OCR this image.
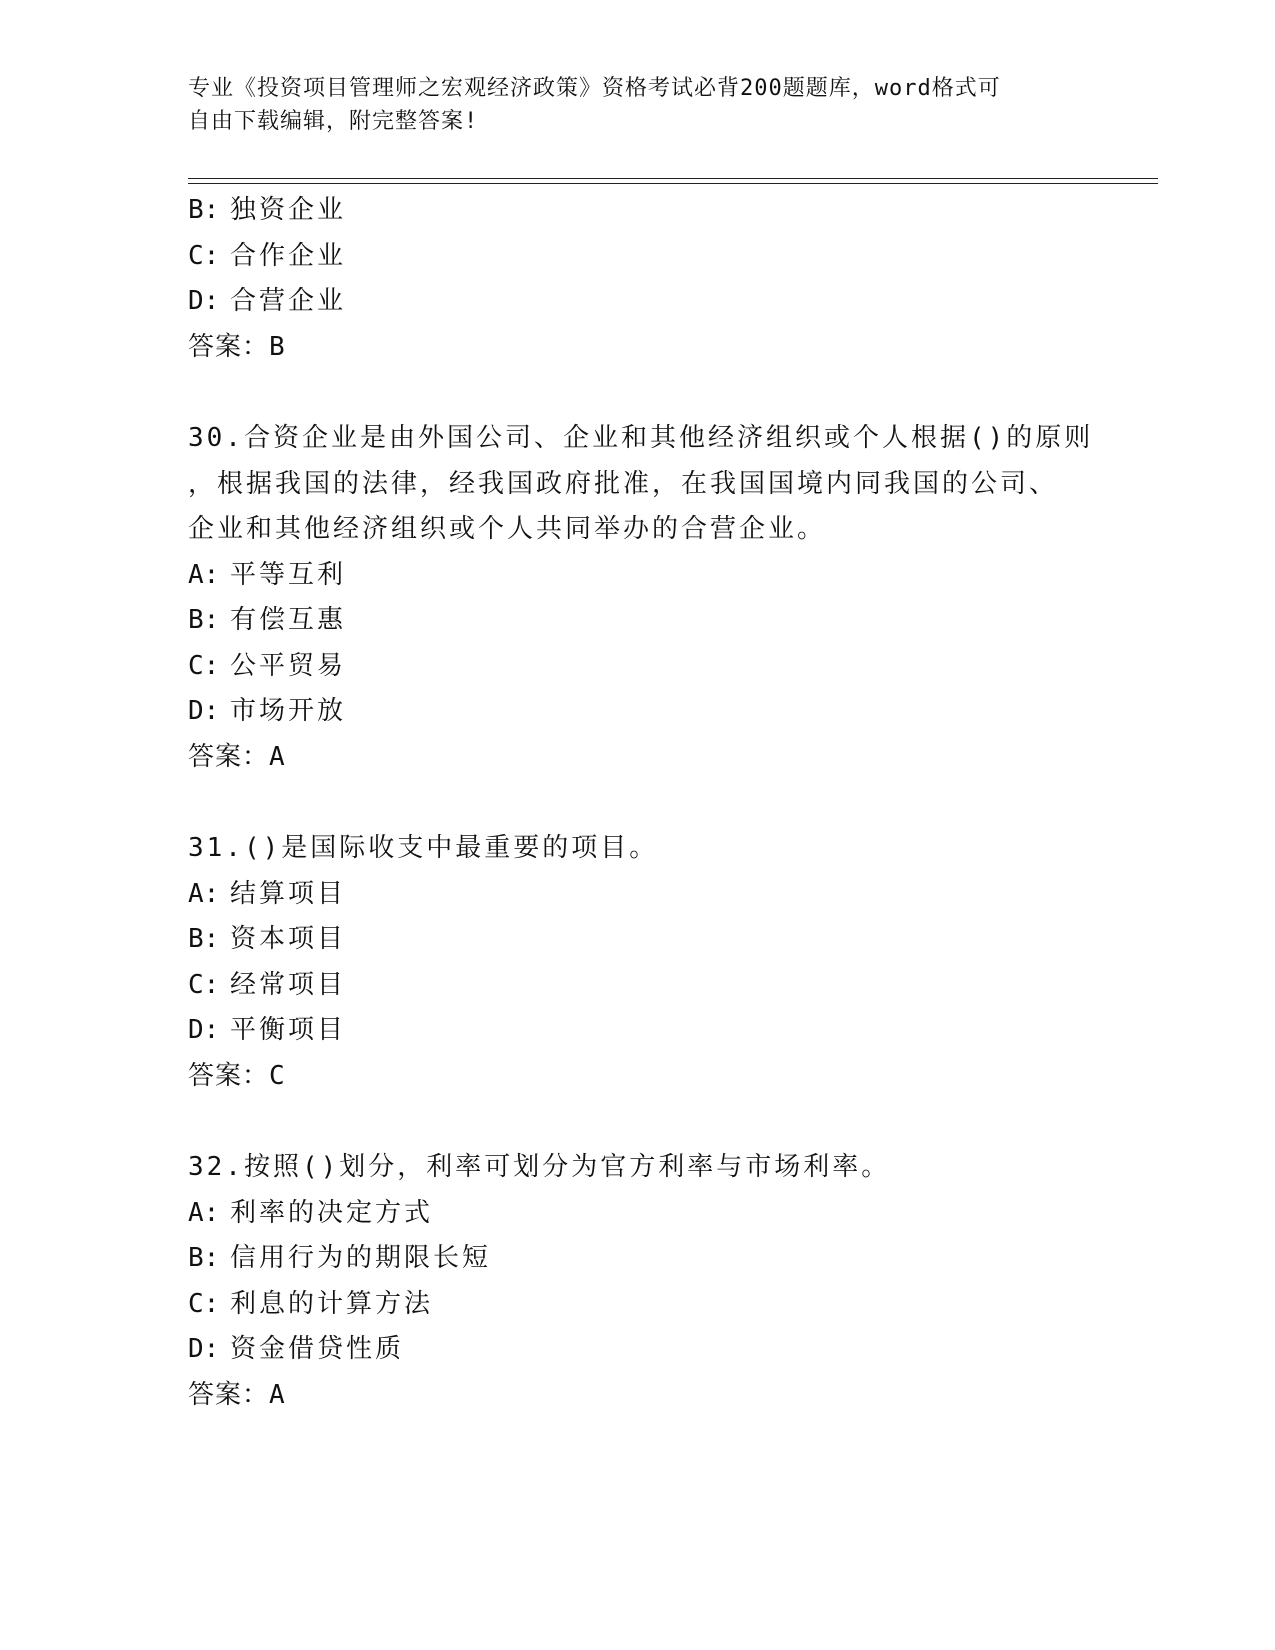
专业《投资项目管理师之宏观经济政策》资格考试必背200题题库，word格式可
自由下载编辑，附完整答案!
B: 独资企业
C: 合作企业
D: 合营企业
答案：B
30.合资企业是由外国公司、企业和其他经济组织或个人根据()的原则
，根据我国的法律，经我国政府批准，在我国国境内同我国的公司、
企业和其他经济组织或个人共同举办的合营企业。
A: 平等互利
B: 有偿互惠
C: 公平贸易
D: 市场开放
答案：A
31.()是国际收支中最重要的项目。
A: 结算项目
B: 资本项目
C: 经常项目
D: 平衡项目
答案：C
32.按照()划分，利率可划分为官方利率与市场利率。
A: 利率的决定方式
B: 信用行为的期限长短
C: 利息的计算方法
D: 资金借贷性质
答案：A
